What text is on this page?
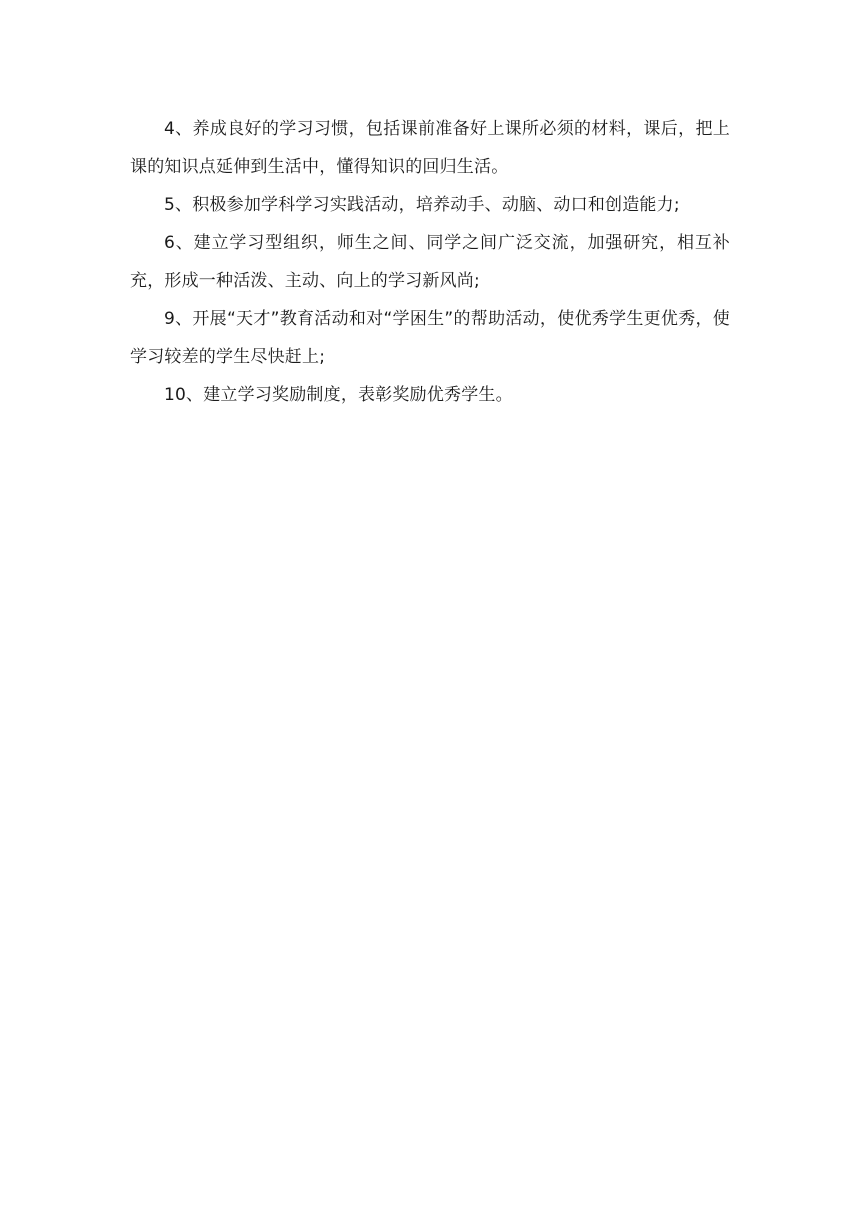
4、养成良好的学习习惯，包括课前准备好上课所必须的材料，课后，把上课的知识点延伸到生活中，懂得知识的回归生活。

5、积极参加学科学习实践活动，培养动手、动脑、动口和创造能力;

6、建立学习型组织，师生之间、同学之间广泛交流，加强研究，相互补充，形成一种活泼、主动、向上的学习新风尚;

9、开展“天才”教育活动和对“学困生”的帮助活动，使优秀学生更优秀，使学习较差的学生尽快赶上;

10、建立学习奖励制度，表彰奖励优秀学生。
